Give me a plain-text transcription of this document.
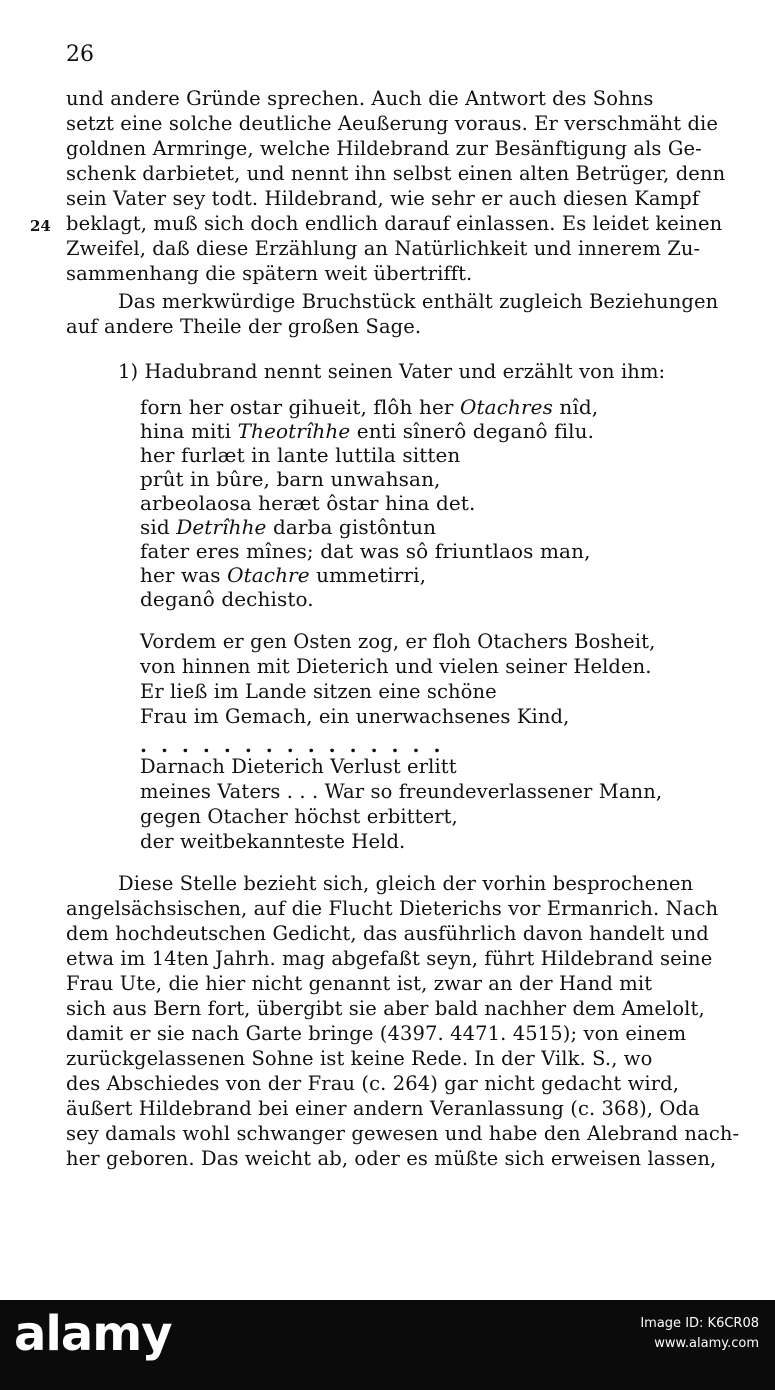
26
24
und andere Gründe sprechen. Auch die Antwort des Sohns
setzt eine solche deutliche Aeußerung voraus. Er verschmäht die
goldnen Armringe, welche Hildebrand zur Besänftigung als Ge-
schenk darbietet, und nennt ihn selbst einen alten Betrüger, denn
sein Vater sey todt. Hildebrand, wie sehr er auch diesen Kampf
beklagt, muß sich doch endlich darauf einlassen. Es leidet keinen
Zweifel, daß diese Erzählung an Natürlichkeit und innerem Zu-
sammenhang die spätern weit übertrifft.
Das merkwürdige Bruchstück enthält zugleich Beziehungen
auf andere Theile der großen Sage.
1) Hadubrand nennt seinen Vater und erzählt von ihm:
forn her ostar gihueit, flôh her Otachres nîd,
hina miti Theotrîhhe enti sînerô deganô filu.
her furlæt in lante luttila sitten
prût in bûre, barn unwahsan,
arbeolaosa heræt ôstar hina det.
sid Detrîhhe darba gistôntun
fater eres mînes; dat was sô friuntlaos man,
her was Otachre ummetirri,
deganô dechisto.
Vordem er gen Osten zog, er floh Otachers Bosheit,
von hinnen mit Dieterich und vielen seiner Helden.
Er ließ im Lande sitzen eine schöne
Frau im Gemach, ein unerwachsenes Kind,
...............
Darnach Dieterich Verlust erlitt
meines Vaters . . . War so freundeverlassener Mann,
gegen Otacher höchst erbittert,
der weitbekannteste Held.
Diese Stelle bezieht sich, gleich der vorhin besprochenen
angelsächsischen, auf die Flucht Dieterichs vor Ermanrich. Nach
dem hochdeutschen Gedicht, das ausführlich davon handelt und
etwa im 14ten Jahrh. mag abgefaßt seyn, führt Hildebrand seine
Frau Ute, die hier nicht genannt ist, zwar an der Hand mit
sich aus Bern fort, übergibt sie aber bald nachher dem Amelolt,
damit er sie nach Garte bringe (4397. 4471. 4515); von einem
zurückgelassenen Sohne ist keine Rede. In der Vilk. S., wo
des Abschiedes von der Frau (c. 264) gar nicht gedacht wird,
äußert Hildebrand bei einer andern Veranlassung (c. 368), Oda
sey damals wohl schwanger gewesen und habe den Alebrand nach-
her geboren. Das weicht ab, oder es müßte sich erweisen lassen,
alamy	Image ID: K6CR08
www.alamy.com
